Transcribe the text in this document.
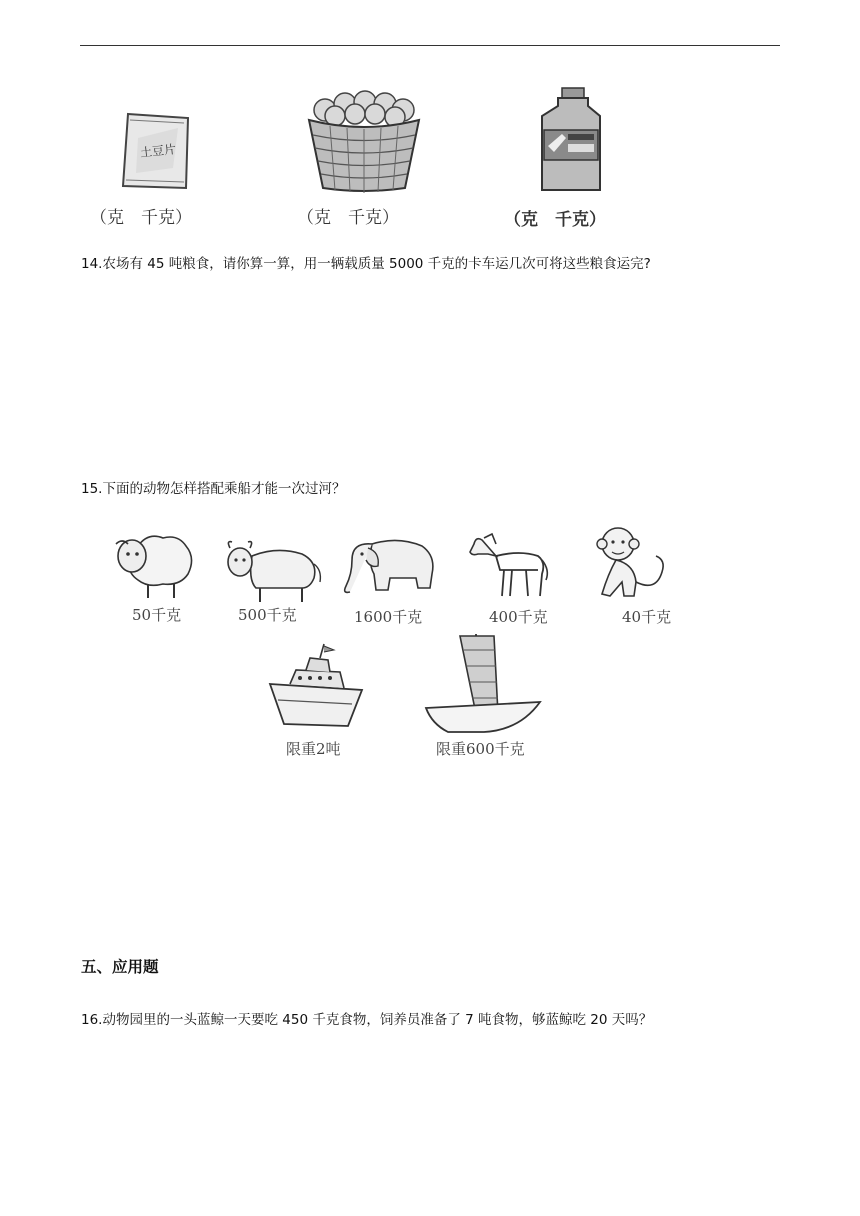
土豆片
（克　千克）	（克　千克）	（克　千克）
14.农场有 45 吨粮食，请你算一算，用一辆载质量 5000 千克的卡车运几次可将这些粮食运完?
15.下面的动物怎样搭配乘船才能一次过河？
50千克	500千克	1600千克	400千克	40千克
限重2吨	限重600千克
五、应用题
16.动物园里的一头蓝鲸一天要吃 450 千克食物，饲养员准备了 7 吨食物，够蓝鲸吃 20 天吗？
